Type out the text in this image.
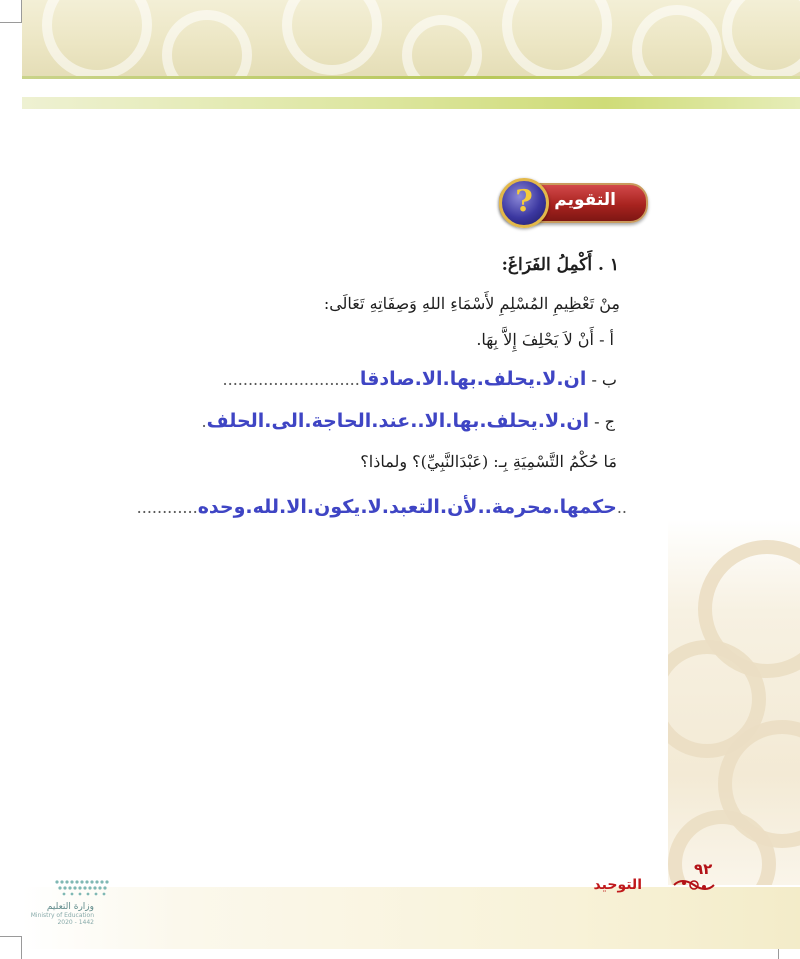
التقويم
?
١ . أَكْمِلُ الفَرَاغَ:
مِنْ تَعْظِيمِ المُسْلِمِ لأَسْمَاءِ اللهِ وَصِفَاتِهِ تَعَالَى:
أ - أَنْ لاَ يَحْلِفَ إِلاَّ بِهَا.
ب - ان.لا.يحلف.بها.الا.صادقا...........................
ج - ان.لا.يحلف.بها.الا..عند.الحاجة.الى.الحلف.
مَا حُكْمُ التَّسْمِيَةِ بِـ: (عَبْدَالنَّبِيِّ)؟ ولماذا؟
..حكمها.محرمة..لأن.التعبد.لا.يكون.الا.لله.وحده............
٩٢
التوحيد
وزارة التعليم
Ministry of Education
2020 - 1442
